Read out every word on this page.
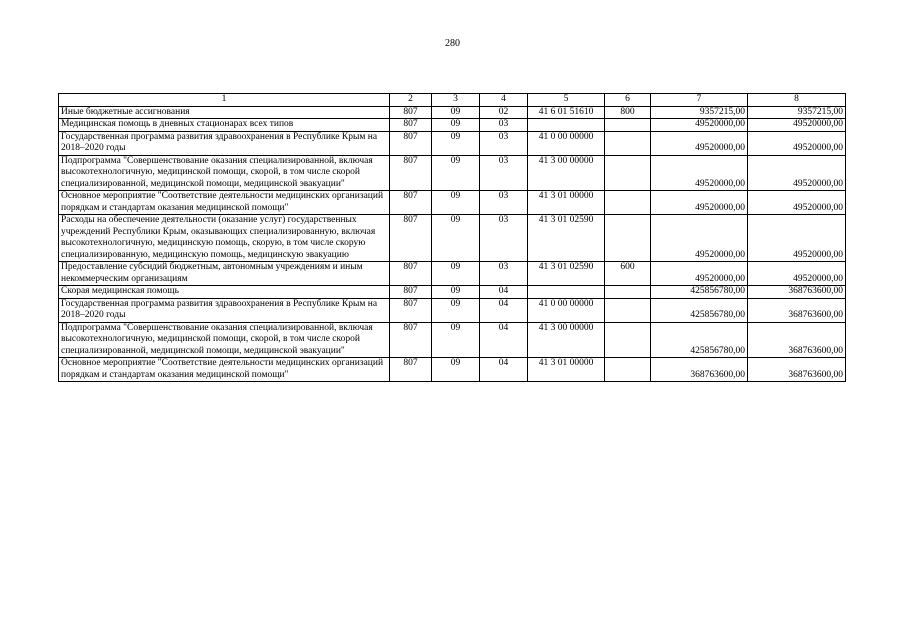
280
1	2	3	4	5	6	7	8
Иные бюджетные ассигнования	807	09	02	41 6 01 51610	800	9357215,00	9357215,00
Медицинская помощь в дневных стационарах всех типов	807	09	03			49520000,00	49520000,00
Государственная программа развития здравоохранения в Республике Крым на 2018–2020 годы	807	09	03	41 0 00 00000		49520000,00	49520000,00
Подпрограмма "Совершенствование оказания специализированной, включая высокотехнологичную, медицинской помощи, скорой, в том числе скорой специализированной, медицинской помощи, медицинской эвакуации"	807	09	03	41 3 00 00000		49520000,00	49520000,00
Основное мероприятие "Соответствие деятельности медицинских организаций порядкам и стандартам оказания медицинской помощи"	807	09	03	41 3 01 00000		49520000,00	49520000,00
Расходы на обеспечение деятельности (оказание услуг) государственных учреждений Республики Крым, оказывающих специализированную, включая высокотехнологичную, медицинскую помощь, скорую, в том числе скорую специализированную, медицинскую помощь, медицинскую эвакуацию	807	09	03	41 3 01 02590		49520000,00	49520000,00
Предоставление субсидий бюджетным, автономным учреждениям и иным некоммерческим организациям	807	09	03	41 3 01 02590	600	49520000,00	49520000,00
Скорая медицинская помощь	807	09	04			425856780,00	368763600,00
Государственная программа развития здравоохранения в Республике Крым на 2018–2020 годы	807	09	04	41 0 00 00000		425856780,00	368763600,00
Подпрограмма "Совершенствование оказания специализированной, включая высокотехнологичную, медицинской помощи, скорой, в том числе скорой специализированной, медицинской помощи, медицинской эвакуации"	807	09	04	41 3 00 00000		425856780,00	368763600,00
Основное мероприятие "Соответствие деятельности медицинских организаций порядкам и стандартам оказания медицинской помощи"	807	09	04	41 3 01 00000		368763600,00	368763600,00
